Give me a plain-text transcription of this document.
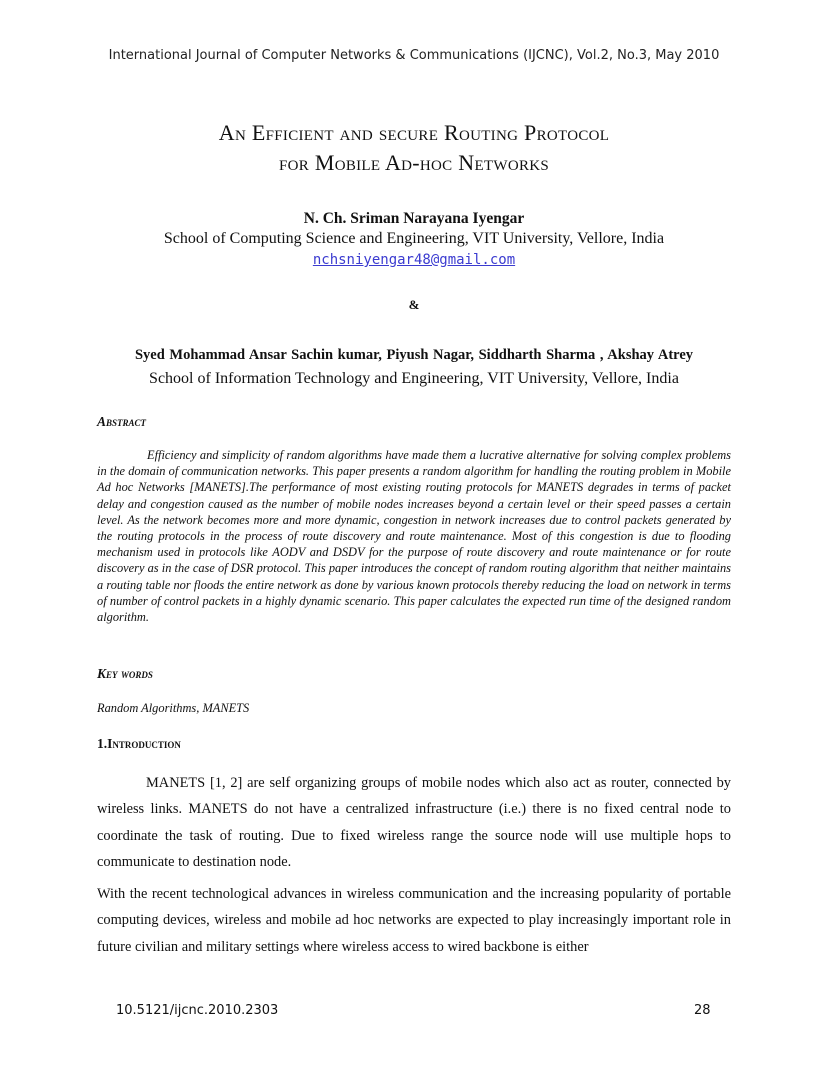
International Journal of Computer Networks & Communications (IJCNC), Vol.2, No.3, May 2010
An Efficient and secure Routing Protocol
for Mobile Ad-hoc Networks
N. Ch. Sriman Narayana Iyengar
School of Computing Science and Engineering, VIT University, Vellore, India
nchsniyengar48@gmail.com
&
Syed Mohammad Ansar Sachin kumar, Piyush Nagar, Siddharth Sharma , Akshay Atrey
School of Information Technology and Engineering, VIT University, Vellore, India
Abstract

Efficiency and simplicity of random algorithms have made them a lucrative alternative for solving complex problems in the domain of communication networks. This paper presents a random algorithm for handling the routing problem in Mobile Ad hoc Networks [MANETS].The performance of most existing routing protocols for MANETS degrades in terms of packet delay and congestion caused as the number of mobile nodes increases beyond a certain level or their speed passes a certain level. As the network becomes more and more dynamic, congestion in network increases due to control packets generated by the routing protocols in the process of route discovery and route maintenance. Most of this congestion is due to flooding mechanism used in protocols like AODV and DSDV for the purpose of route discovery and route maintenance or for route discovery as in the case of DSR protocol. This paper introduces the concept of random routing algorithm that neither maintains a routing table nor floods the entire network as done by various known protocols thereby reducing the load on network in terms of number of control packets in a highly dynamic scenario. This paper calculates the expected run time of the designed random algorithm.

Key words
Random Algorithms, MANETS
1.Introduction

MANETS [1, 2] are self organizing groups of mobile nodes which also act as router, connected by wireless links. MANETS do not have a centralized infrastructure (i.e.) there is no fixed central node to coordinate the task of routing. Due to fixed wireless range the source node will use multiple hops to communicate to destination node.

With the recent technological advances in wireless communication and the increasing popularity of portable computing devices, wireless and mobile ad hoc networks are expected to play increasingly important role in future civilian and military settings where wireless access to wired backbone is either

10.5121/ijcnc.2010.2303	28
